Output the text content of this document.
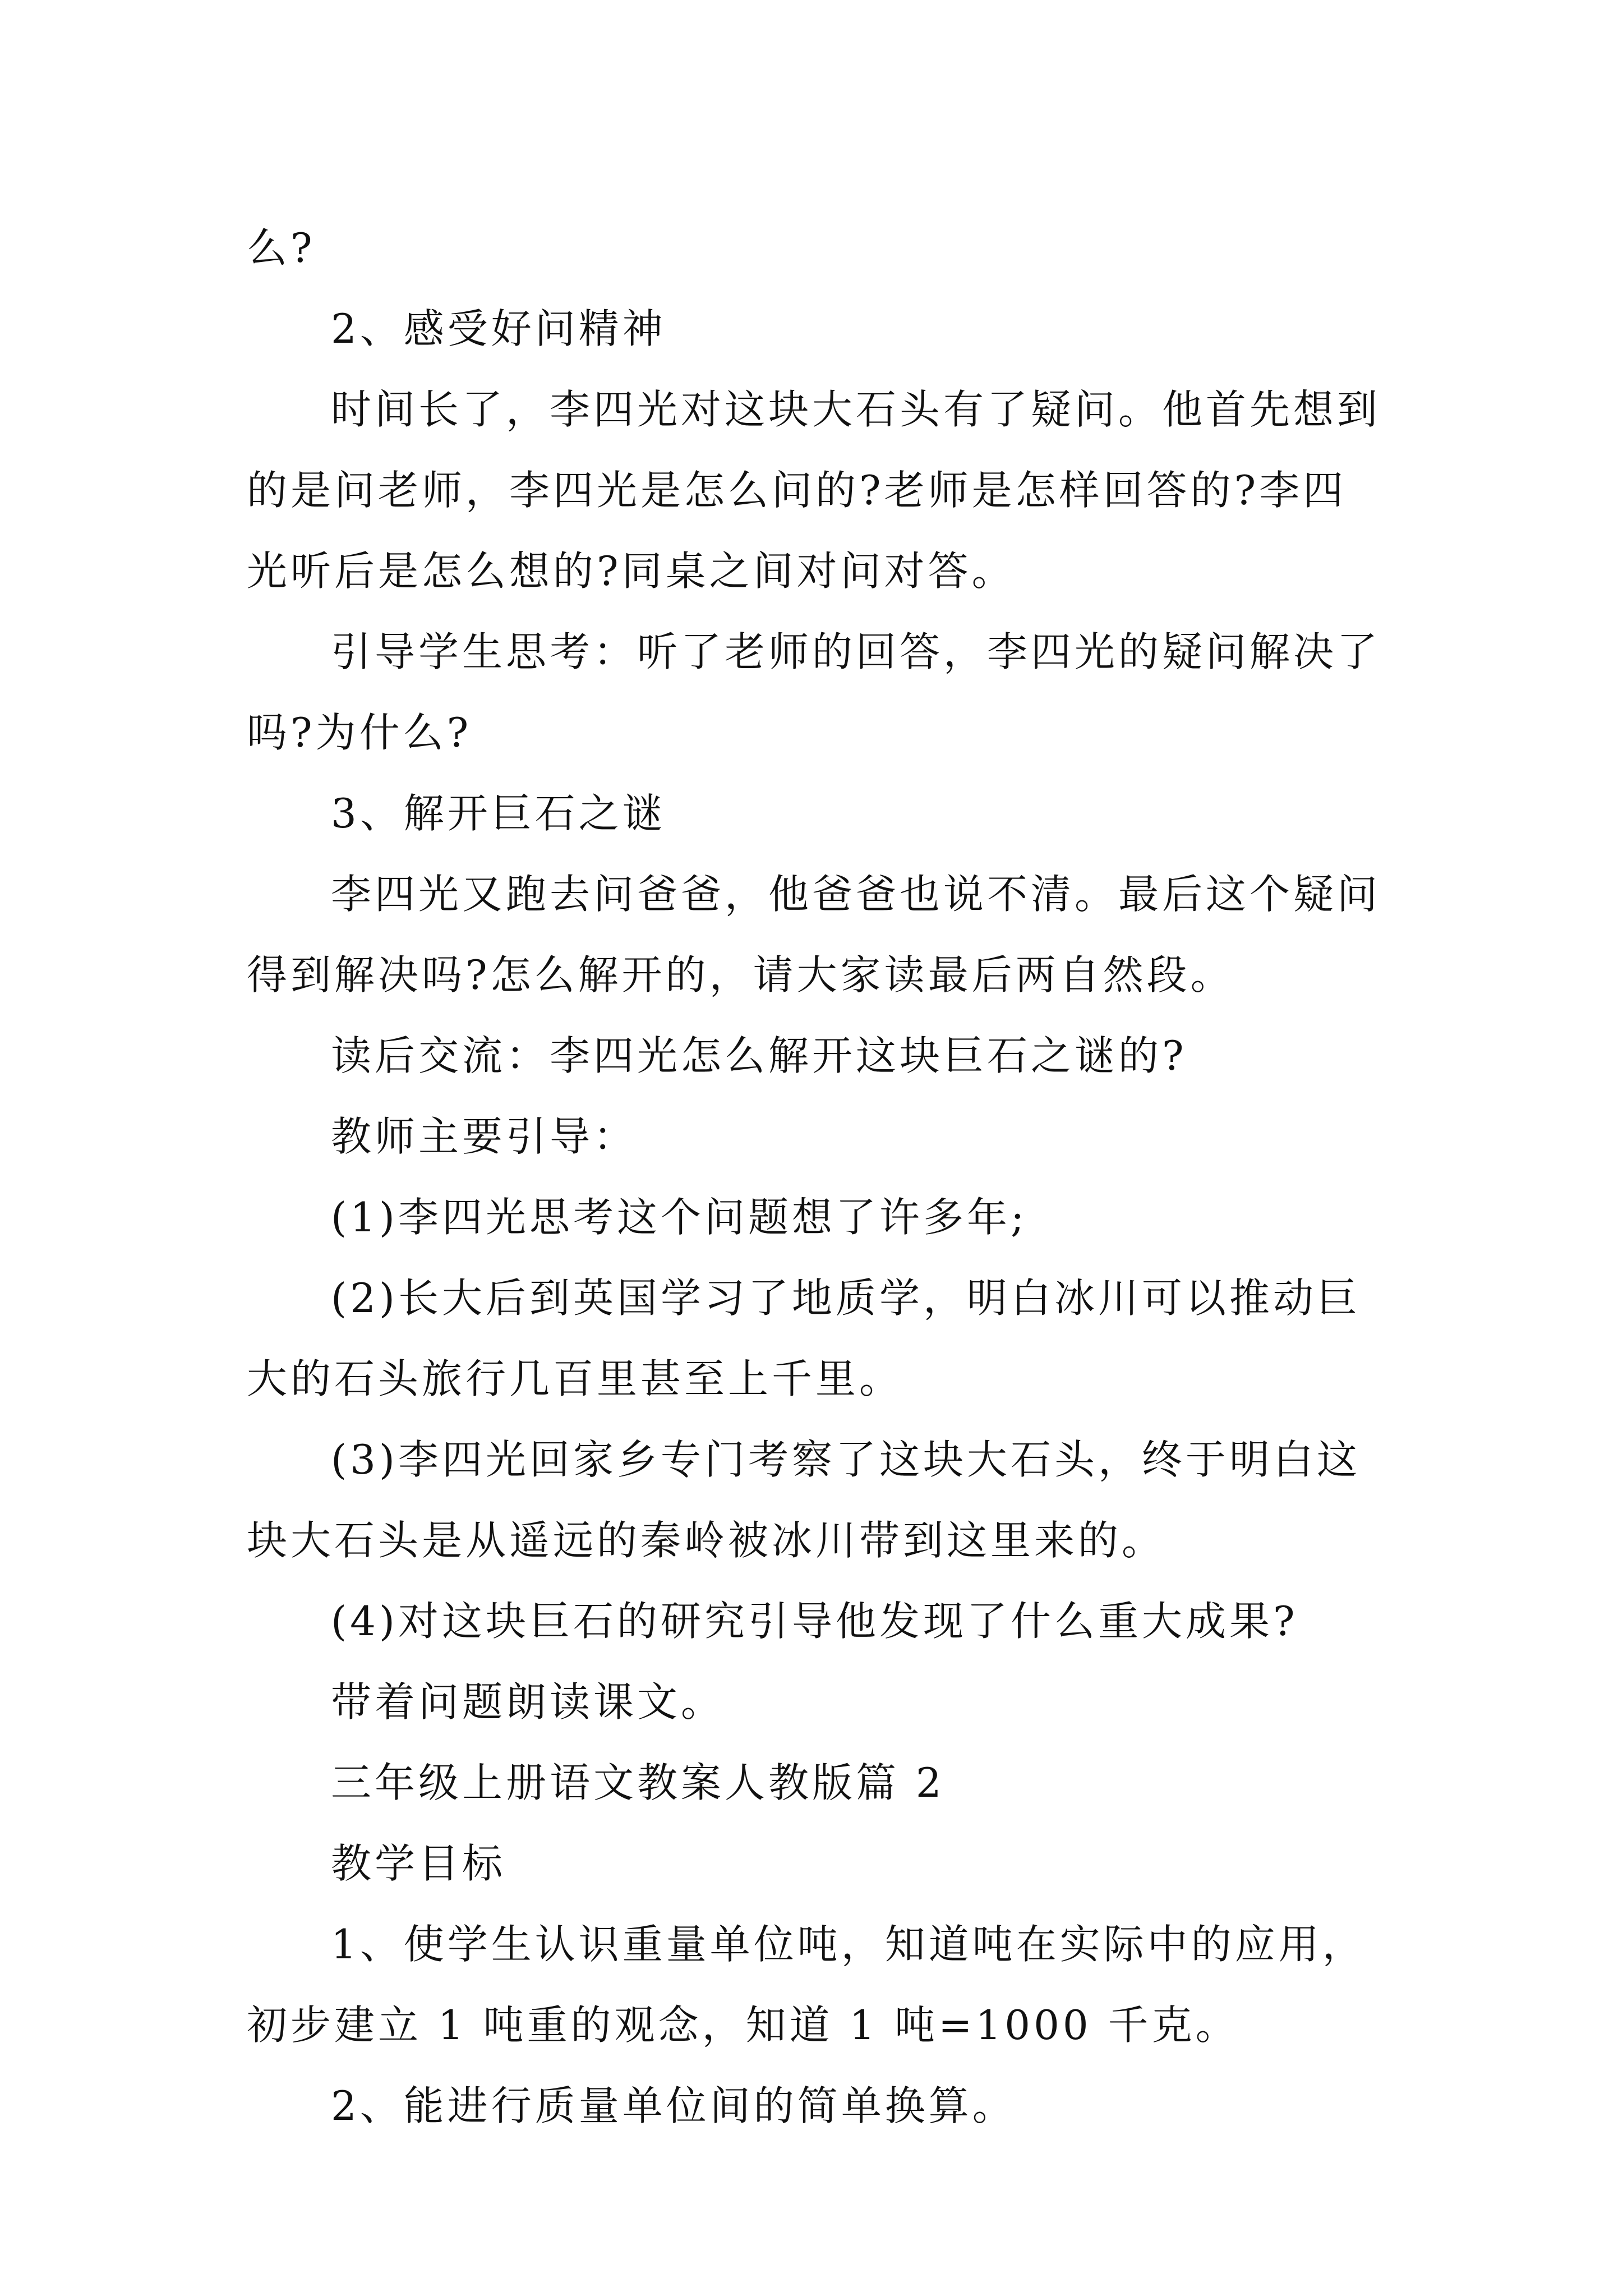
么?

2、感受好问精神

时间长了，李四光对这块大石头有了疑问。他首先想到的是问老师，李四光是怎么问的?老师是怎样回答的?李四光听后是怎么想的?同桌之间对问对答。

引导学生思考：听了老师的回答，李四光的疑问解决了吗?为什么?

3、解开巨石之谜

李四光又跑去问爸爸，他爸爸也说不清。最后这个疑问得到解决吗?怎么解开的，请大家读最后两自然段。

读后交流：李四光怎么解开这块巨石之谜的?

教师主要引导：

(1)李四光思考这个问题想了许多年;

(2)长大后到英国学习了地质学，明白冰川可以推动巨大的石头旅行几百里甚至上千里。

(3)李四光回家乡专门考察了这块大石头，终于明白这块大石头是从遥远的秦岭被冰川带到这里来的。

(4)对这块巨石的研究引导他发现了什么重大成果?

带着问题朗读课文。

三年级上册语文教案人教版篇 2

教学目标

1、使学生认识重量单位吨，知道吨在实际中的应用，初步建立 1 吨重的观念，知道 1 吨=1000 千克。

2、能进行质量单位间的简单换算。
